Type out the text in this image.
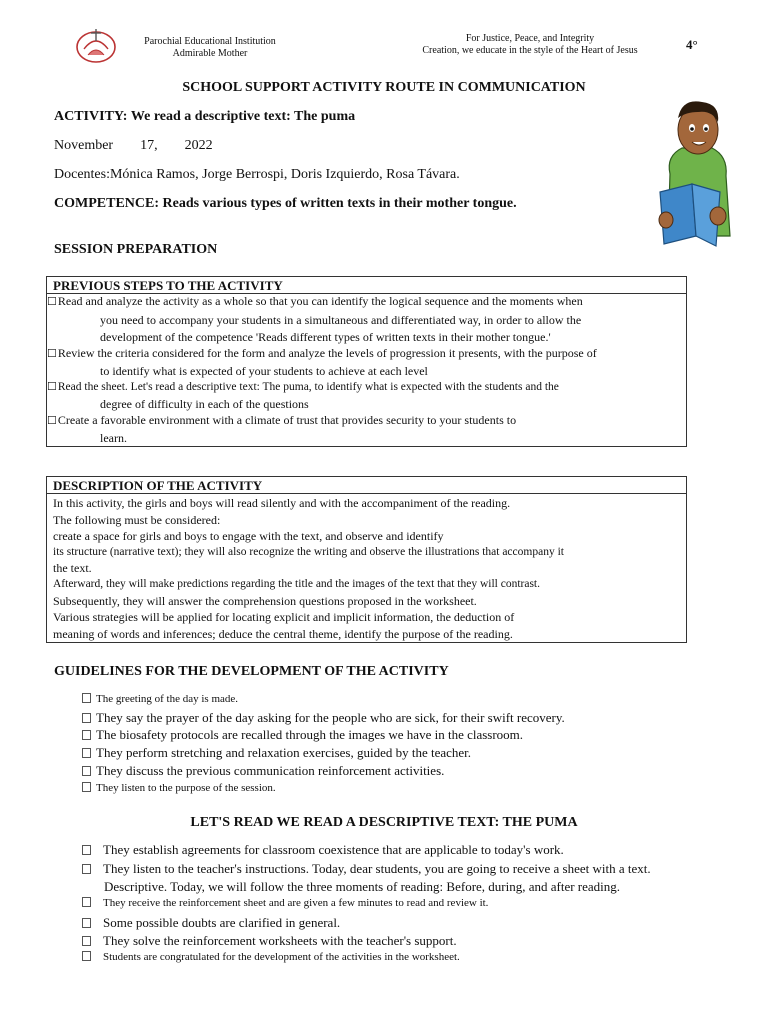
Parochial Educational Institution
Admirable Mother
For Justice, Peace, and Integrity
Creation, we educate in the style of the Heart of Jesus	4°
SCHOOL SUPPORT ACTIVITY ROUTE IN COMMUNICATION
ACTIVITY: We read a descriptive text: The puma
November 17, 2022
Docentes:Mónica Ramos, Jorge Berrospi, Doris Izquierdo, Rosa Távara.
COMPETENCE: Reads various types of written texts in their mother tongue.
SESSION PREPARATION
PREVIOUS STEPS TO THE ACTIVITY
☐Read and analyze the activity as a whole so that you can identify the logical sequence and the moments when
you need to accompany your students in a simultaneous and differentiated way, in order to allow the
development of the competence 'Reads different types of written texts in their mother tongue.'
☐Review the criteria considered for the form and analyze the levels of progression it presents, with the purpose of
to identify what is expected of your students to achieve at each level
☐Read the sheet. Let's read a descriptive text: The puma, to identify what is expected with the students and the
degree of difficulty in each of the questions
☐Create a favorable environment with a climate of trust that provides security to your students to
learn.
DESCRIPTION OF THE ACTIVITY
In this activity, the girls and boys will read silently and with the accompaniment of the reading.
The following must be considered:
create a space for girls and boys to engage with the text, and observe and identify
its structure (narrative text); they will also recognize the writing and observe the illustrations that accompany it
the text.
Afterward, they will make predictions regarding the title and the images of the text that they will contrast.
Subsequently, they will answer the comprehension questions proposed in the worksheet.
Various strategies will be applied for locating explicit and implicit information, the deduction of
meaning of words and inferences; deduce the central theme, identify the purpose of the reading.
GUIDELINES FOR THE DEVELOPMENT OF THE ACTIVITY
The greeting of the day is made.
They say the prayer of the day asking for the people who are sick, for their swift recovery.
The biosafety protocols are recalled through the images we have in the classroom.
They perform stretching and relaxation exercises, guided by the teacher.
They discuss the previous communication reinforcement activities.
They listen to the purpose of the session.
LET'S READ WE READ A DESCRIPTIVE TEXT: THE PUMA
They establish agreements for classroom coexistence that are applicable to today's work.
They listen to the teacher's instructions. Today, dear students, you are going to receive a sheet with a text.
Descriptive. Today, we will follow the three moments of reading: Before, during, and after reading.
They receive the reinforcement sheet and are given a few minutes to read and review it.
Some possible doubts are clarified in general.
They solve the reinforcement worksheets with the teacher's support.
Students are congratulated for the development of the activities in the worksheet.
